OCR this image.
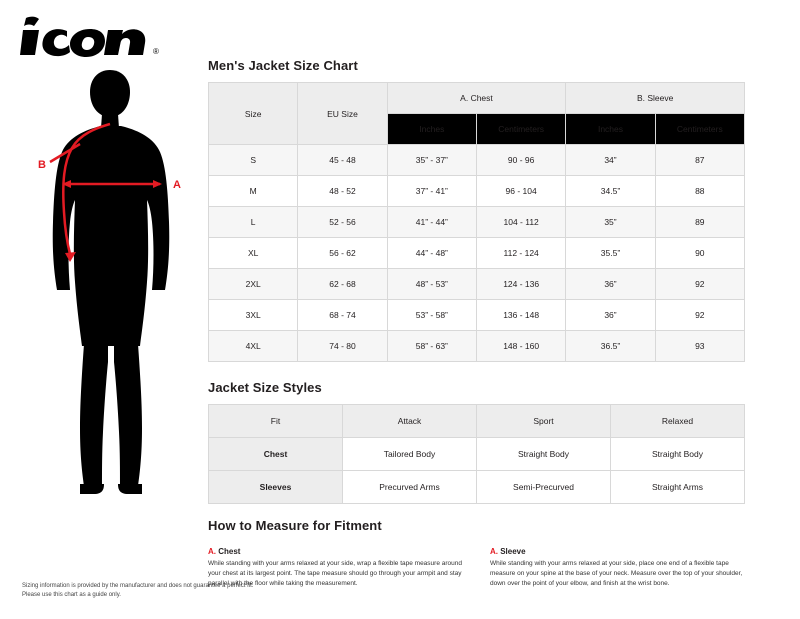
®
A
B
Men's Jacket Size Chart
Size	EU Size	A. Chest		B. Sleeve	
		Inches	Centimeters	Inches	Centimeters
S	45 - 48	35” - 37”	90 - 96	34”	87
M	48 - 52	37” - 41”	96 - 104	34.5”	88
L	52 - 56	41” - 44”	104 - 112	35”	89
XL	56 - 62	44” - 48”	112 - 124	35.5”	90
2XL	62 - 68	48” - 53”	124 - 136	36”	92
3XL	68 - 74	53” - 58”	136 - 148	36”	92
4XL	74 - 80	58” - 63”	148 - 160	36.5”	93
Jacket Size Styles
Fit	Attack	Sport	Relaxed
Chest	Tailored Body	Straight Body	Straight Body
Sleeves	Precurved Arms	Semi-Precurved	Straight Arms
How to Measure for Fitment
A. Chest
While standing with your arms relaxed at your side, wrap a flexible tape measure around your chest at its largest point. The tape measure should go through your armpit and stay parallel with the floor while taking the measurement.
A. Sleeve
While standing with your arms relaxed at your side, place one end of a flexible tape measure on your spine at the base of your neck. Measure over the top of your shoulder, down over the point of your elbow, and finish at the wrist bone.
Sizing information is provided by the manufacturer and does not guarantee a perfect fit.
Please use this chart as a guide only.
